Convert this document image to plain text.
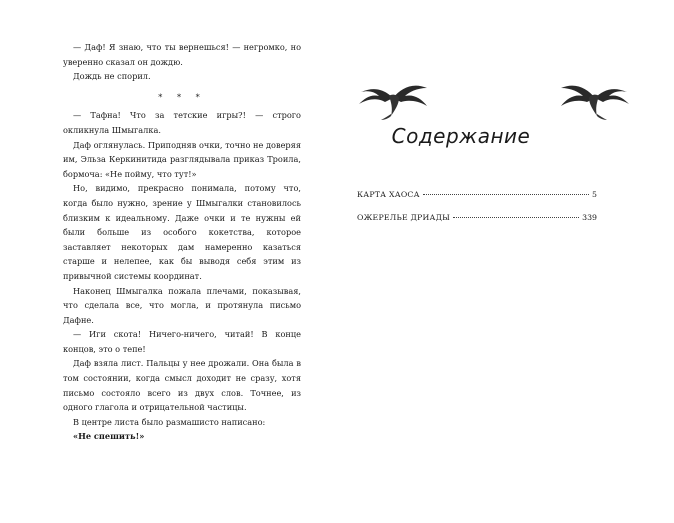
— Даф! Я знаю, что ты вернешься! — негромко, но уверенно сказал он дождю.

Дождь не спорил.

* * *

— Тафна! Что за тетские игры?! — строго окликнула Шмыгалка.

Даф оглянулась. Приподняв очки, точно не доверяя им, Эльза Керкинитида разглядывала приказ Троила, бормоча: «Не пойму, что тут!»

Но, видимо, прекрасно понимала, потому что, когда было нужно, зрение у Шмыгалки становилось близким к идеальному. Даже очки и те нужны ей были больше из особого кокетства, которое заставляет некоторых дам намеренно казаться старше и нелепее, как бы выводя себя этим из привычной системы координат.

Наконец Шмыгалка пожала плечами, показывая, что сделала все, что могла, и протянула письмо Дафне.

— Иги скота! Ничего-ничего, читай! В конце концов, это о тепе!

Даф взяла лист. Пальцы у нее дрожали. Она была в том состоянии, когда смысл доходит не сразу, хотя письмо состояло всего из двух слов. Точнее, из одного глагола и отрицательной частицы.

В центре листа было размашисто написано:

«Не спешить!»

Содержание
КАРТА ХАОСА	5
ОЖЕРЕЛЬЕ ДРИАДЫ	339
